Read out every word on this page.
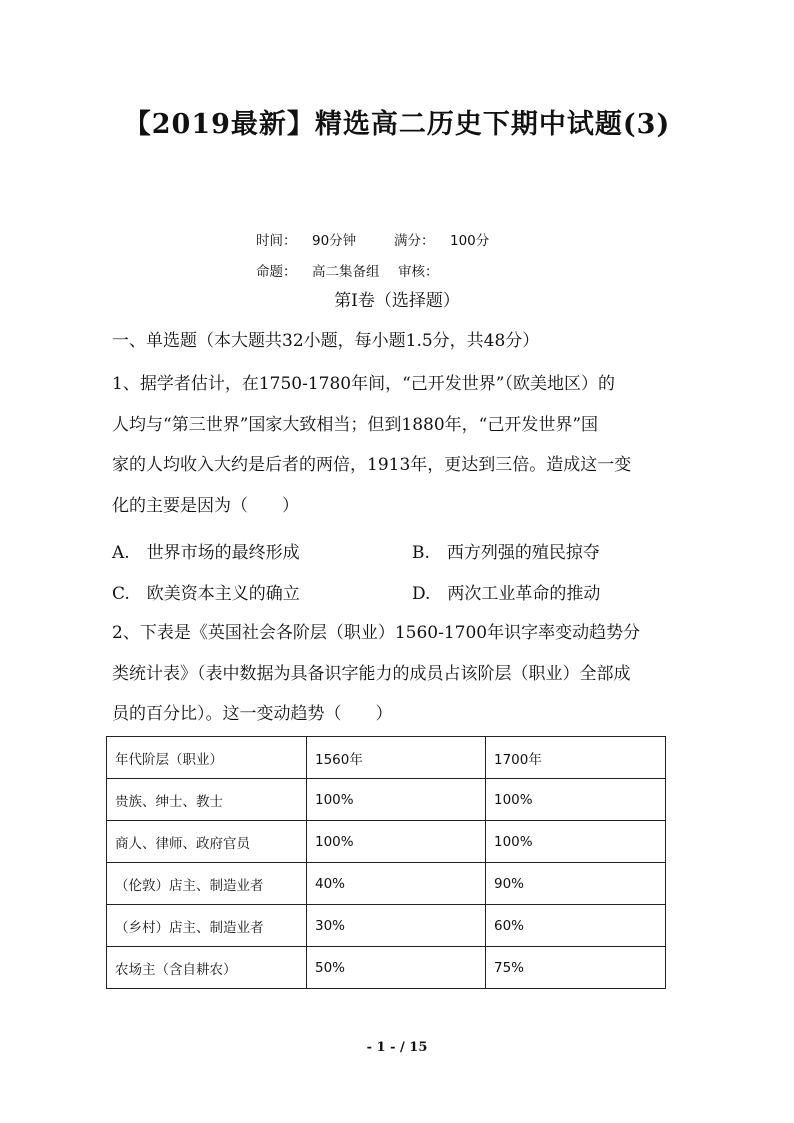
【2019最新】精选高二历史下期中试题(3)
时间： 90分钟	满分： 100分
命题： 高二集备组 审核：
第Ⅰ卷（选择题）
一、单选题（本大题共32小题，每小题1.5分，共48分）
1、据学者估计，在1750-1780年间，“己开发世界”（欧美地区）的
人均与“第三世界”国家大致相当；但到1880年，“己开发世界”国
家的人均收入大约是后者的两倍，1913年，更达到三倍。造成这一变
化的主要是因为（　　）
A.　世界市场的最终形成	B.　西方列强的殖民掠夺
C.　欧美资本主义的确立	D.　两次工业革命的推动
2、下表是《英国社会各阶层（职业）1560-1700年识字率变动趋势分
类统计表》（表中数据为具备识字能力的成员占该阶层（职业）全部成
员的百分比）。这一变动趋势（　　）
年代阶层（职业）	1560年	1700年
贵族、绅士、教士	100%	100%
商人、律师、政府官员	100%	100%
（伦敦）店主、制造业者	40%	90%
（乡村）店主、制造业者	30%	60%
农场主（含自耕农）	50%	75%
- 1 - / 15
